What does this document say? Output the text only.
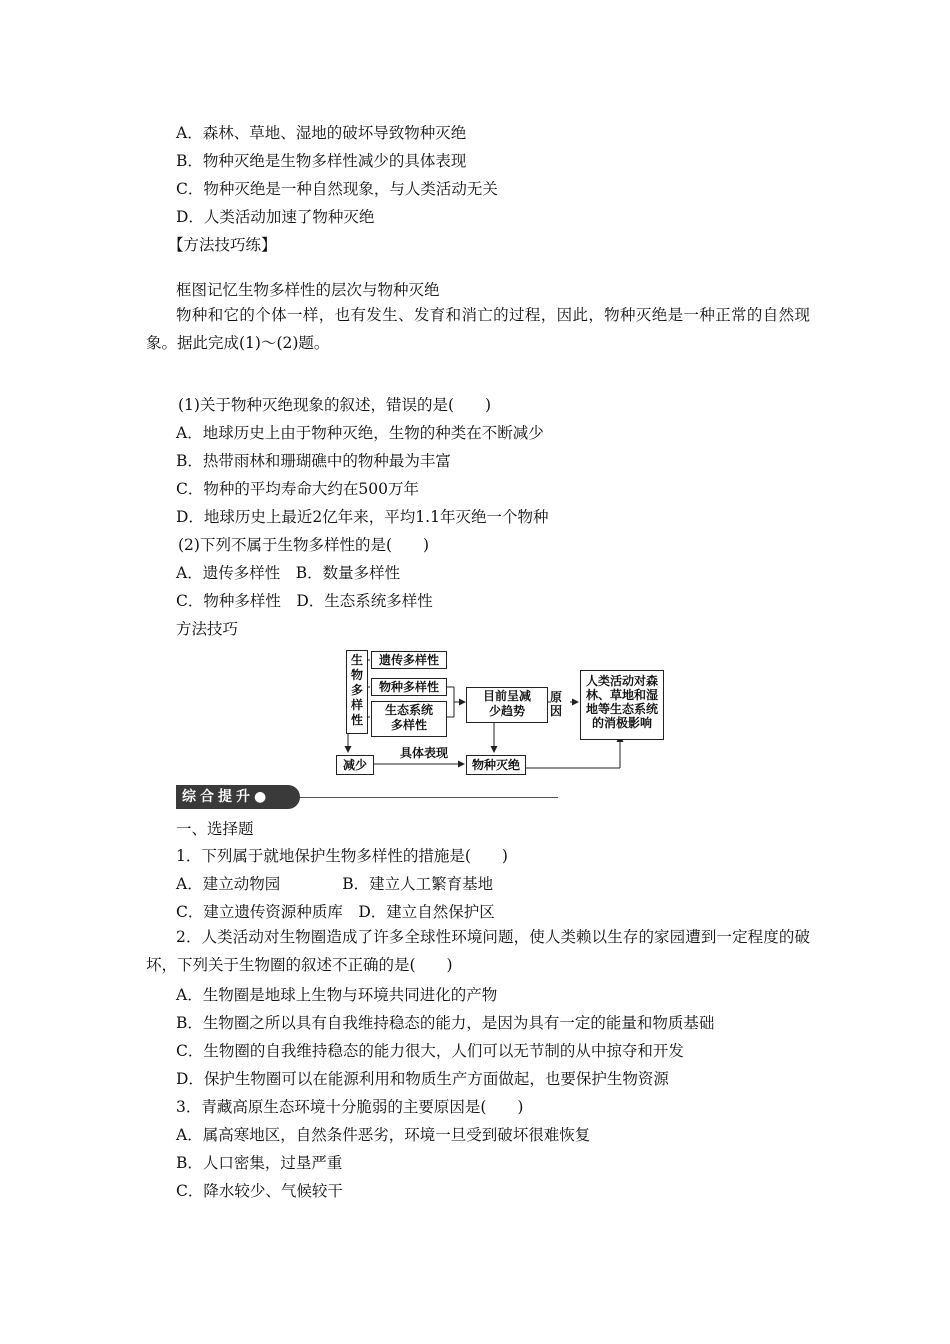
A．森林、草地、湿地的破坏导致物种灭绝
B．物种灭绝是生物多样性减少的具体表现
C．物种灭绝是一种自然现象，与人类活动无关
D．人类活动加速了物种灭绝
【方法技巧练】
框图记忆生物多样性的层次与物种灭绝
物种和它的个体一样，也有发生、发育和消亡的过程，因此，物种灭绝是一种正常的自然现象。据此完成(1)～(2)题。
(1)关于物种灭绝现象的叙述，错误的是(　　)
A．地球历史上由于物种灭绝，生物的种类在不断减少
B．热带雨林和珊瑚礁中的物种最为丰富
C．物种的平均寿命大约在500万年
D．地球历史上最近2亿年来，平均1.1年灭绝一个物种
(2)下列不属于生物多样性的是(　　)
A．遗传多样性　B．数量多样性
C．物种多样性　D．生态系统多样性
方法技巧
生物多样性
遗传多样性
物种多样性
生态系统多样性
目前呈减少趋势
原因
人类活动对森林、草地和湿地等生态系统的消极影响
减少
具体表现
物种灭绝
综合提升●
一、选择题
1．下列属于就地保护生物多样性的措施是(　　)
A．建立动物园　　　　B．建立人工繁育基地
C．建立遗传资源种质库　D．建立自然保护区
2．人类活动对生物圈造成了许多全球性环境问题，使人类赖以生存的家园遭到一定程度的破坏，下列关于生物圈的叙述不正确的是(　　)
A．生物圈是地球上生物与环境共同进化的产物
B．生物圈之所以具有自我维持稳态的能力，是因为具有一定的能量和物质基础
C．生物圈的自我维持稳态的能力很大，人们可以无节制的从中掠夺和开发
D．保护生物圈可以在能源利用和物质生产方面做起，也要保护生物资源
3．青藏高原生态环境十分脆弱的主要原因是(　　)
A．属高寒地区，自然条件恶劣，环境一旦受到破坏很难恢复
B．人口密集，过垦严重
C．降水较少、气候较干
